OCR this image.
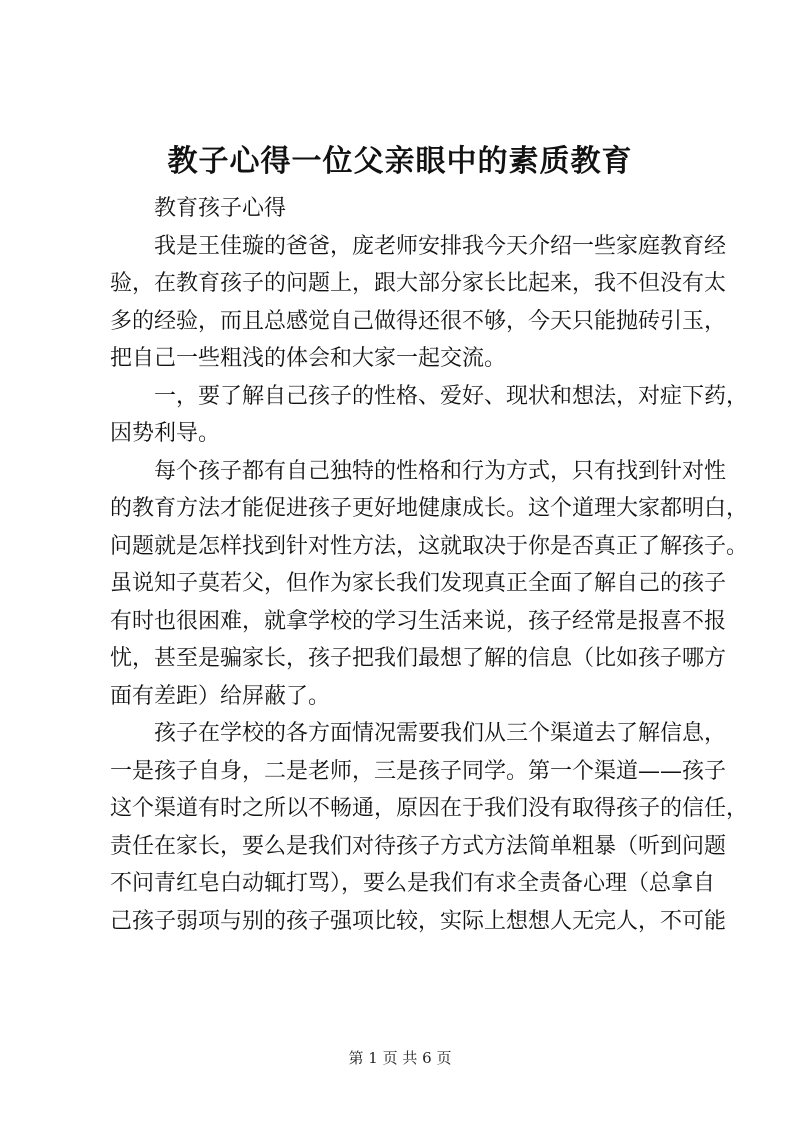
教子心得一位父亲眼中的素质教育
教育孩子心得
我是王佳璇的爸爸，庞老师安排我今天介绍一些家庭教育经
验，在教育孩子的问题上，跟大部分家长比起来，我不但没有太
多的经验，而且总感觉自己做得还很不够，今天只能抛砖引玉，
把自己一些粗浅的体会和大家一起交流。
一，要了解自己孩子的性格、爱好、现状和想法，对症下药，
因势利导。
每个孩子都有自己独特的性格和行为方式，只有找到针对性
的教育方法才能促进孩子更好地健康成长。这个道理大家都明白，
问题就是怎样找到针对性方法，这就取决于你是否真正了解孩子。
虽说知子莫若父，但作为家长我们发现真正全面了解自己的孩子
有时也很困难，就拿学校的学习生活来说，孩子经常是报喜不报
忧，甚至是骗家长，孩子把我们最想了解的信息（比如孩子哪方
面有差距）给屏蔽了。
孩子在学校的各方面情况需要我们从三个渠道去了解信息，
一是孩子自身，二是老师，三是孩子同学。第一个渠道——孩子
这个渠道有时之所以不畅通，原因在于我们没有取得孩子的信任，
责任在家长，要么是我们对待孩子方式方法简单粗暴（听到问题
不问青红皂白动辄打骂），要么是我们有求全责备心理（总拿自
己孩子弱项与别的孩子强项比较，实际上想想人无完人，不可能
第 1 页 共 6 页
